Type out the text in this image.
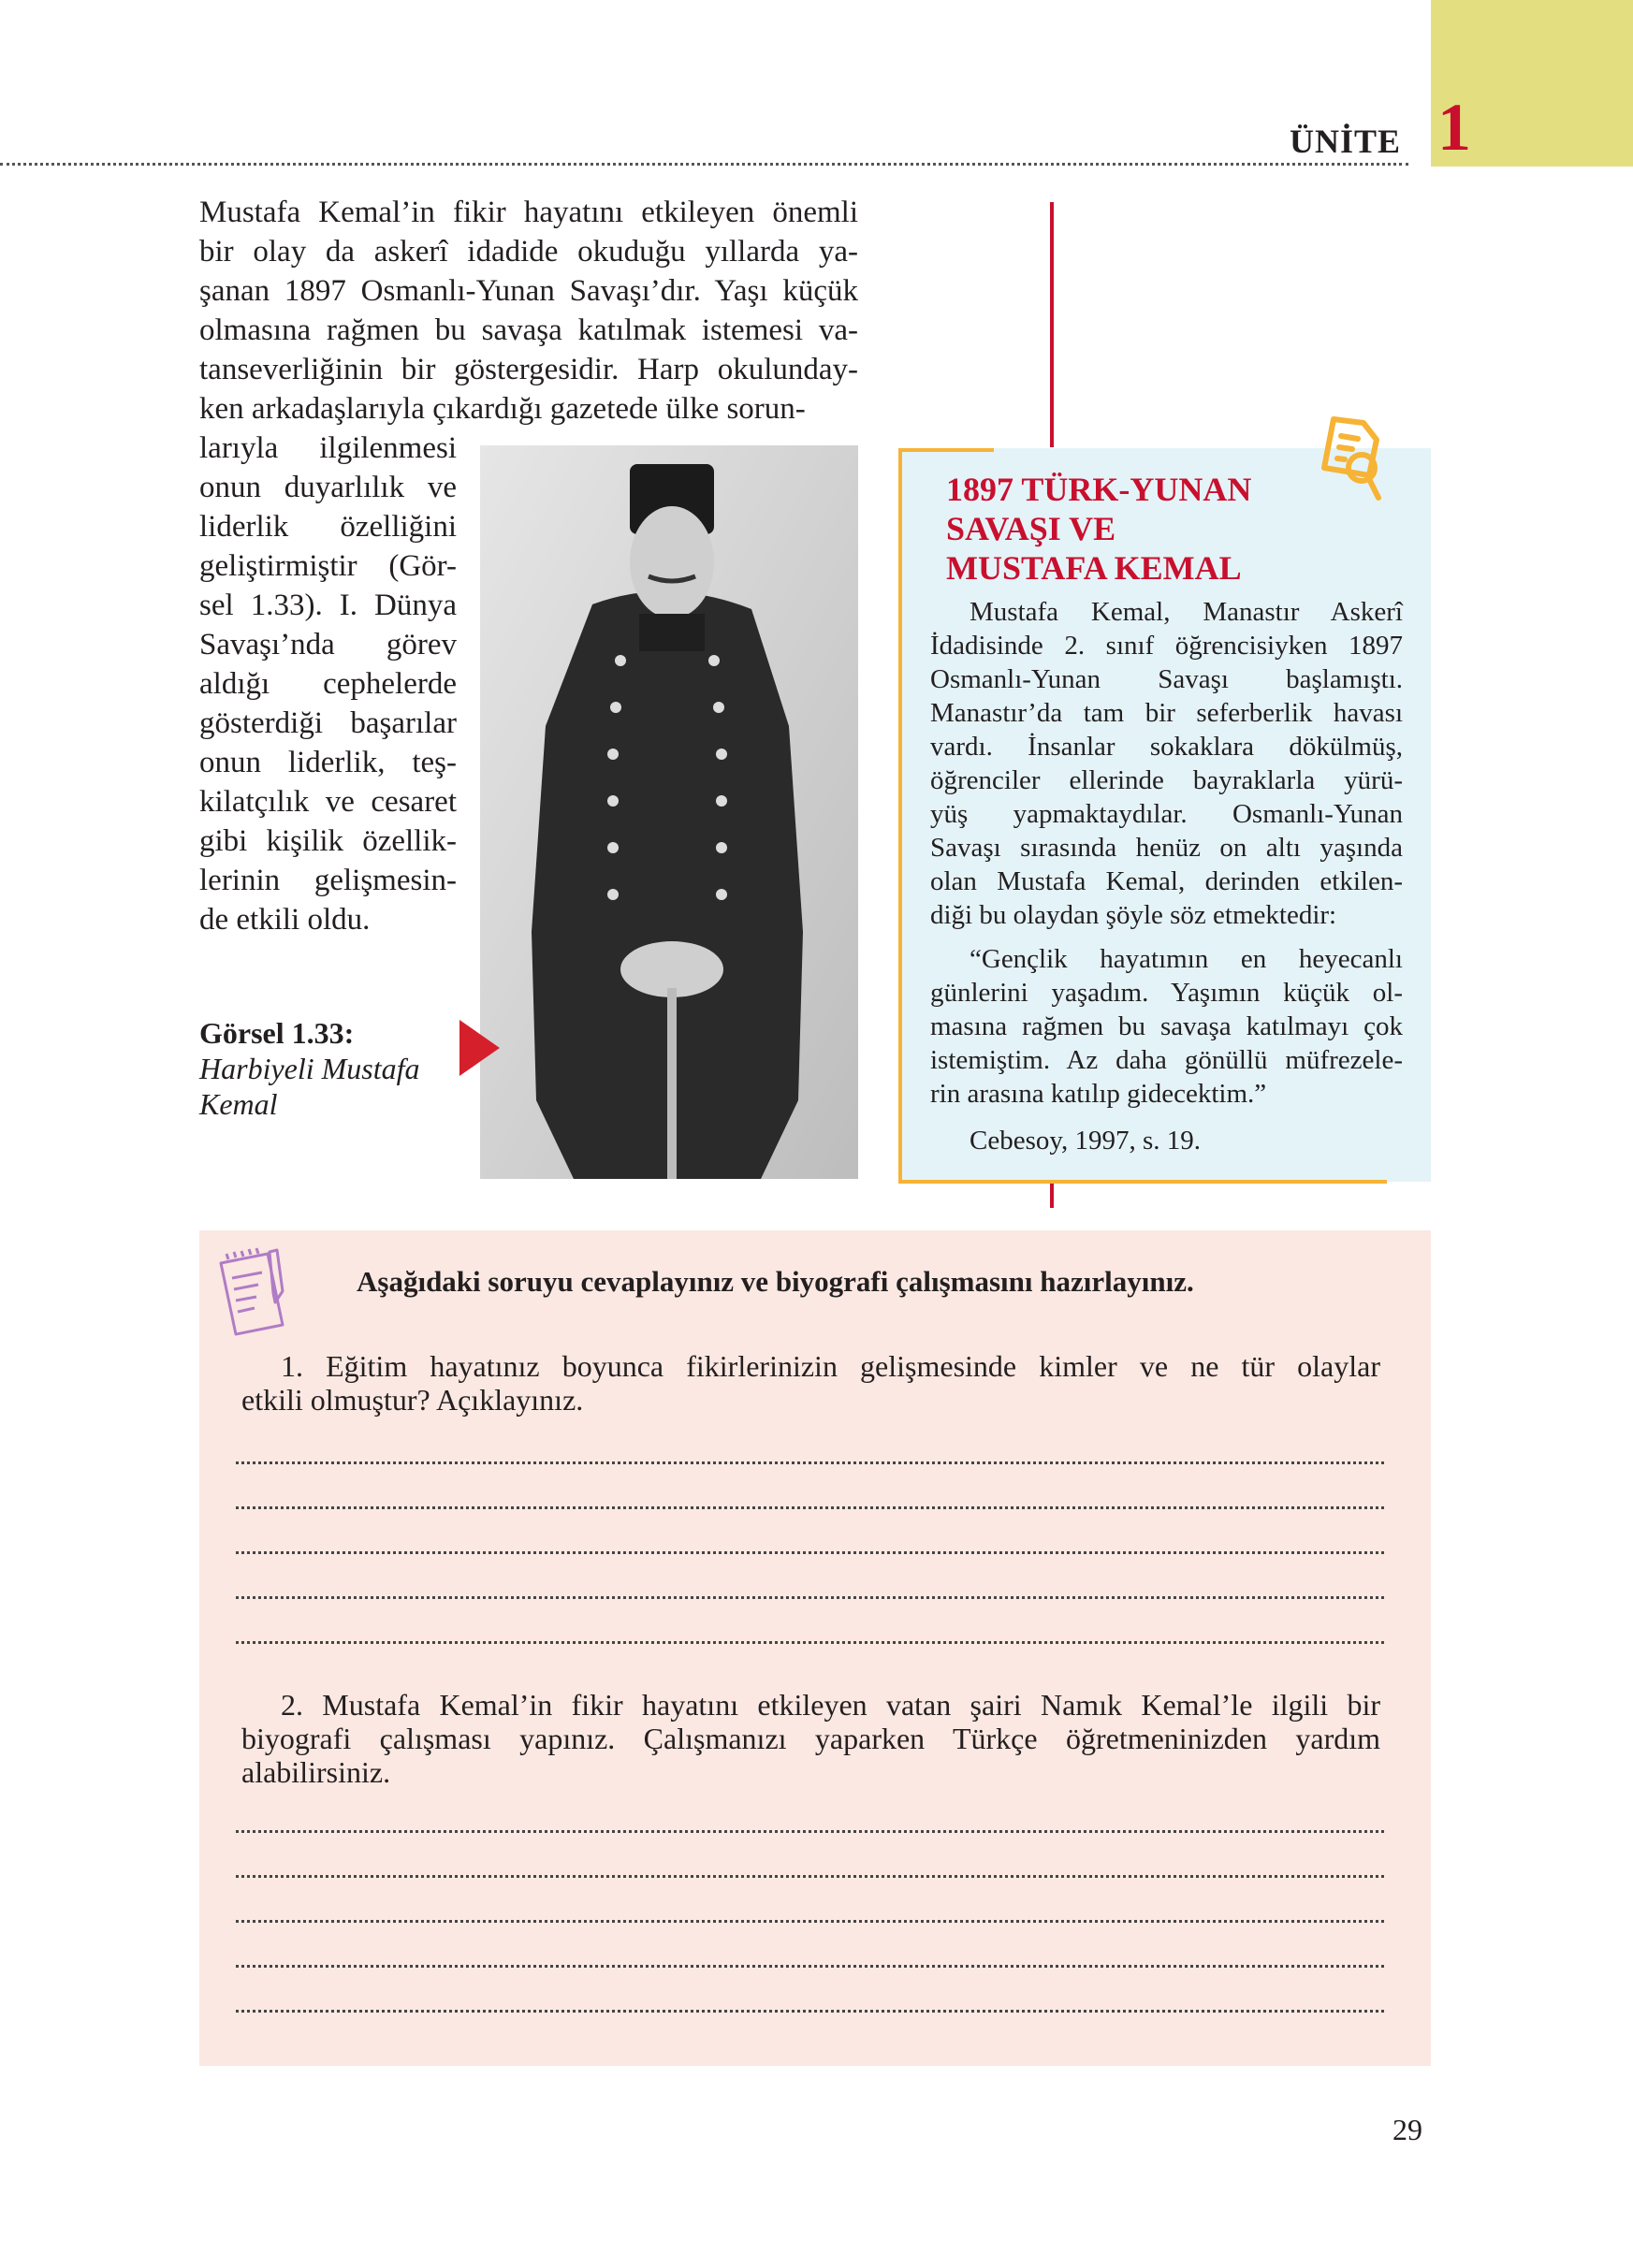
ÜNİTE 1
Mustafa Kemal’in fikir hayatını etkileyen önemli
bir olay da askerî idadide okuduğu yıllarda ya-
şanan 1897 Osmanlı-Yunan Savaşı’dır. Yaşı küçük
olmasına rağmen bu savaşa katılmak istemesi va-
tanseverliğinin bir göstergesidir. Harp okulunday-
ken arkadaşlarıyla çıkardığı gazetede ülke sorun-
larıyla ilgilenmesi
onun duyarlılık ve
liderlik özelliğini
geliştirmiştir (Gör-
sel 1.33). I. Dünya
Savaşı’nda görev
aldığı cephelerde
gösterdiği başarılar
onun liderlik, teş-
kilatçılık ve cesaret
gibi kişilik özellik-
lerinin gelişmesin-
de etkili oldu.
Görsel 1.33:
Harbiyeli Mustafa
Kemal
1897 TÜRK-YUNAN
SAVAŞI VE
MUSTAFA KEMAL
Mustafa Kemal, Manastır Askerî
İdadisinde 2. sınıf öğrencisiyken 1897
Osmanlı-Yunan Savaşı başlamıştı.
Manastır’da tam bir seferberlik havası
vardı. İnsanlar sokaklara dökülmüş,
öğrenciler ellerinde bayraklarla yürü-
yüş yapmaktaydılar. Osmanlı-Yunan
Savaşı sırasında henüz on altı yaşında
olan Mustafa Kemal, derinden etkilen-
diği bu olaydan şöyle söz etmektedir:
“Gençlik hayatımın en heyecanlı
günlerini yaşadım. Yaşımın küçük ol-
masına rağmen bu savaşa katılmayı çok
istemiştim. Az daha gönüllü müfrezele-
rin arasına katılıp gidecektim.”
Cebesoy, 1997, s. 19.
Aşağıdaki soruyu cevaplayınız ve biyografi çalışmasını hazırlayınız.
1. Eğitim hayatınız boyunca fikirlerinizin gelişmesinde kimler ve ne tür olaylar
etkili olmuştur? Açıklayınız.
2. Mustafa Kemal’in fikir hayatını etkileyen vatan şairi Namık Kemal’le ilgili bir
biyografi çalışması yapınız. Çalışmanızı yaparken Türkçe öğretmeninizden yardım
alabilirsiniz.
29
